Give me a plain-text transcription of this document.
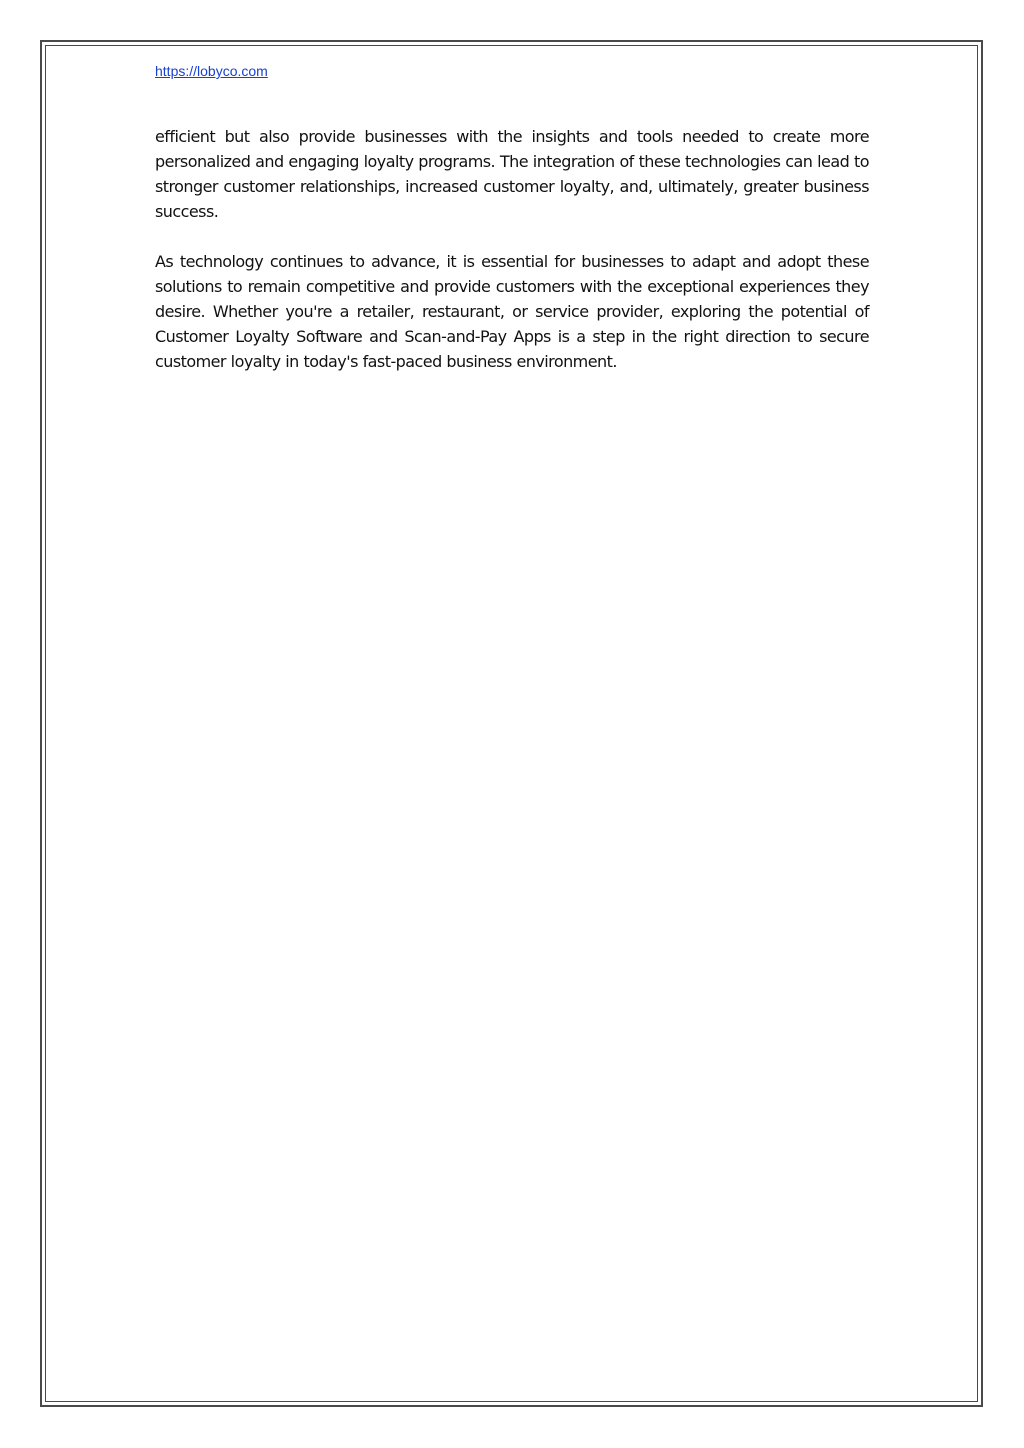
https://lobyco.com

efficient but also provide businesses with the insights and tools needed to create more personalized and engaging loyalty programs. The integration of these technologies can lead to stronger customer relationships, increased customer loyalty, and, ultimately, greater business success.

As technology continues to advance, it is essential for businesses to adapt and adopt these solutions to remain competitive and provide customers with the exceptional experiences they desire. Whether you're a retailer, restaurant, or service provider, exploring the potential of Customer Loyalty Software and Scan-and-Pay Apps is a step in the right direction to secure customer loyalty in today's fast-paced business environment.
